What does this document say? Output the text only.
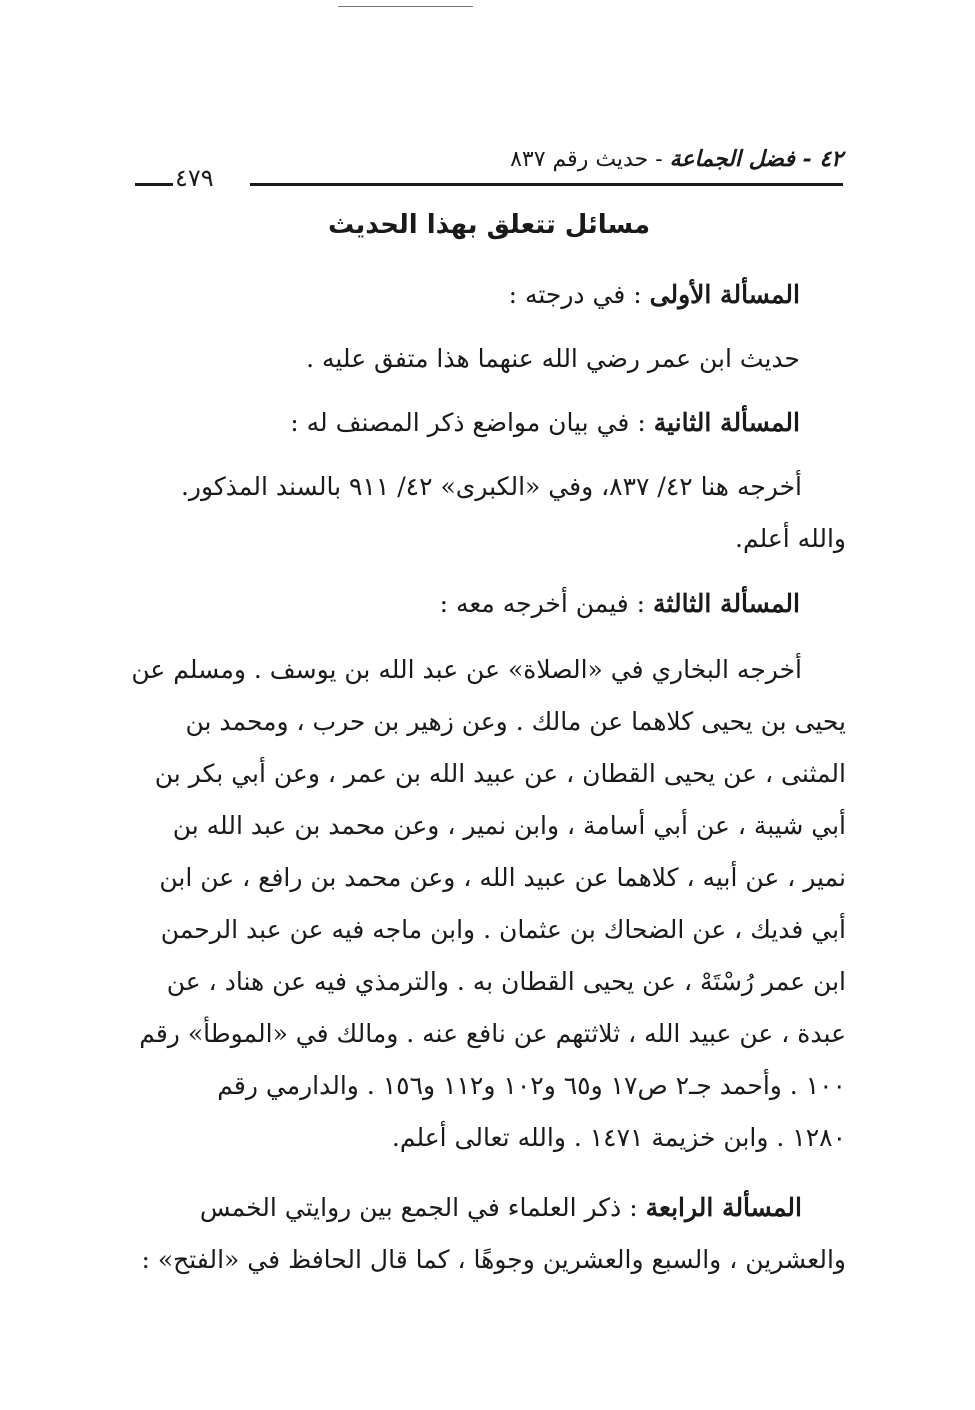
٤٢ - فضل الجماعة - حديث رقم ٨٣٧
٤٧٩
مسائل تتعلق بهذا الحديث
المسألة الأولى : في درجته :
حديث ابن عمر رضي الله عنهما هذا متفق عليه .
المسألة الثانية : في بيان مواضع ذكر المصنف له :
أخرجه هنا ٤٢/ ٨٣٧، وفي «الكبرى» ٤٢/ ٩١١ بالسند المذكور.
والله أعلم.
المسألة الثالثة : فيمن أخرجه معه :
أخرجه البخاري في «الصلاة» عن عبد الله بن يوسف . ومسلم عن
يحيى بن يحيى كلاهما عن مالك . وعن زهير بن حرب ، ومحمد بن
المثنى ، عن يحيى القطان ، عن عبيد الله بن عمر ، وعن أبي بكر بن
أبي شيبة ، عن أبي أسامة ، وابن نمير ، وعن محمد بن عبد الله بن
نمير ، عن أبيه ، كلاهما عن عبيد الله ، وعن محمد بن رافع ، عن ابن
أبي فديك ، عن الضحاك بن عثمان . وابن ماجه فيه عن عبد الرحمن
ابن عمر رُسْتَهْ ، عن يحيى القطان به . والترمذي فيه عن هناد ، عن
عبدة ، عن عبيد الله ، ثلاثتهم عن نافع عنه . ومالك في «الموطأ» رقم
١٠٠ . وأحمد جـ٢ ص١٧ و٦٥ و١٠٢ و١١٢ و١٥٦ . والدارمي رقم
١٢٨٠ . وابن خزيمة ١٤٧١ . والله تعالى أعلم.
المسألة الرابعة : ذكر العلماء في الجمع بين روايتي الخمس
والعشرين ، والسبع والعشرين وجوهًا ، كما قال الحافظ في «الفتح» :
